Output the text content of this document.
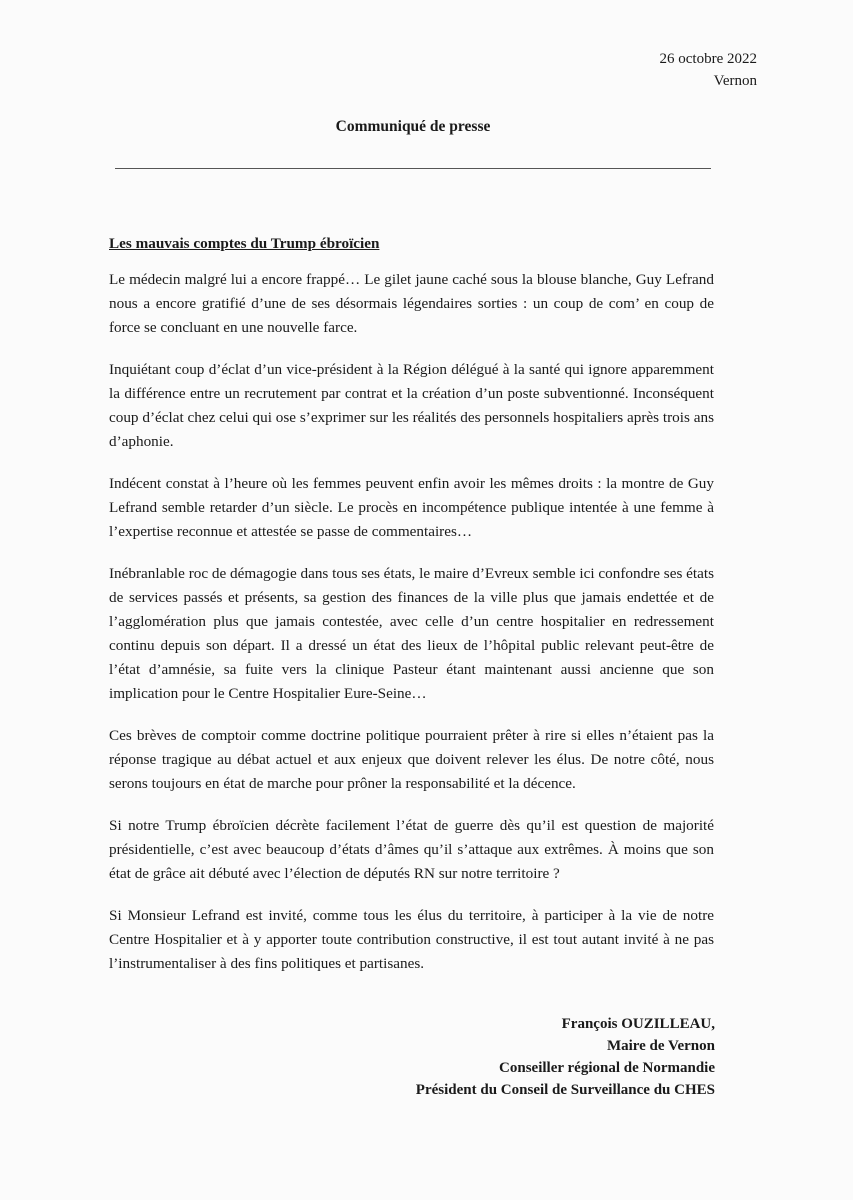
26 octobre 2022
Vernon
Communiqué de presse
Les mauvais comptes du Trump ébroïcien

Le médecin malgré lui a encore frappé… Le gilet jaune caché sous la blouse blanche, Guy Lefrand nous a encore gratifié d’une de ses désormais légendaires sorties : un coup de com’ en coup de force se concluant en une nouvelle farce.

Inquiétant coup d’éclat d’un vice-président à la Région délégué à la santé qui ignore apparemment la différence entre un recrutement par contrat et la création d’un poste subventionné. Inconséquent coup d’éclat chez celui qui ose s’exprimer sur les réalités des personnels hospitaliers après trois ans d’aphonie.

Indécent constat à l’heure où les femmes peuvent enfin avoir les mêmes droits : la montre de Guy Lefrand semble retarder d’un siècle. Le procès en incompétence publique intentée à une femme à l’expertise reconnue et attestée se passe de commentaires…

Inébranlable roc de démagogie dans tous ses états, le maire d’Evreux semble ici confondre ses états de services passés et présents, sa gestion des finances de la ville plus que jamais endettée et de l’agglomération plus que jamais contestée, avec celle d’un centre hospitalier en redressement continu depuis son départ. Il a dressé un état des lieux de l’hôpital public relevant peut-être de l’état d’amnésie, sa fuite vers la clinique Pasteur étant maintenant aussi ancienne que son implication pour le Centre Hospitalier Eure-Seine…

Ces brèves de comptoir comme doctrine politique pourraient prêter à rire si elles n’étaient pas la réponse tragique au débat actuel et aux enjeux que doivent relever les élus. De notre côté, nous serons toujours en état de marche pour prôner la responsabilité et la décence.

Si notre Trump ébroïcien décrète facilement l’état de guerre dès qu’il est question de majorité présidentielle, c’est avec beaucoup d’états d’âmes qu’il s’attaque aux extrêmes. À moins que son état de grâce ait débuté avec l’élection de députés RN sur notre territoire ?

Si Monsieur Lefrand est invité, comme tous les élus du territoire, à participer à la vie de notre Centre Hospitalier et à y apporter toute contribution constructive, il est tout autant invité à ne pas l’instrumentaliser à des fins politiques et partisanes.

François OUZILLEAU,
Maire de Vernon
Conseiller régional de Normandie
Président du Conseil de Surveillance du CHES
